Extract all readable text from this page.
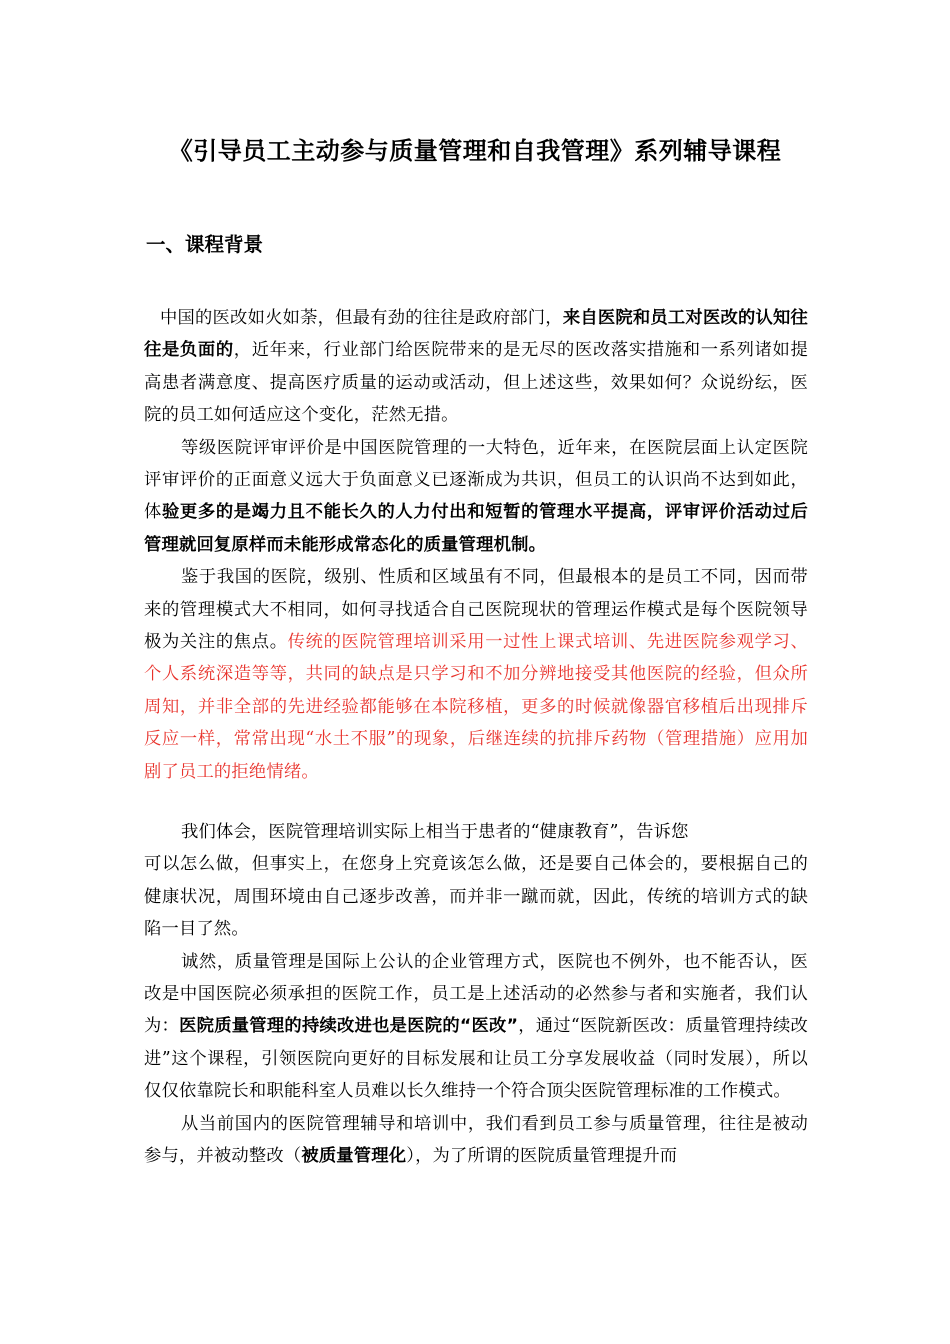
《引导员工主动参与质量管理和自我管理》系列辅导课程
一、课程背景

中国的医改如火如荼，但最有劲的往往是政府部门，来自医院和员工对医改的认知往往是负面的，近年来，行业部门给医院带来的是无尽的医改落实措施和一系列诸如提高患者满意度、提高医疗质量的运动或活动，但上述这些，效果如何？众说纷纭，医院的员工如何适应这个变化，茫然无措。

等级医院评审评价是中国医院管理的一大特色，近年来，在医院层面上认定医院评审评价的正面意义远大于负面意义已逐渐成为共识，但员工的认识尚不达到如此，体验更多的是竭力且不能长久的人力付出和短暂的管理水平提高，评审评价活动过后管理就回复原样而未能形成常态化的质量管理机制。

鉴于我国的医院，级别、性质和区域虽有不同，但最根本的是员工不同，因而带来的管理模式大不相同，如何寻找适合自己医院现状的管理运作模式是每个医院领导极为关注的焦点。传统的医院管理培训采用一过性上课式培训、先进医院参观学习、个人系统深造等等，共同的缺点是只学习和不加分辨地接受其他医院的经验，但众所周知，并非全部的先进经验都能够在本院移植，更多的时候就像器官移植后出现排斥反应一样，常常出现“水土不服”的现象，后继连续的抗排斥药物（管理措施）应用加剧了员工的拒绝情绪。

我们体会，医院管理培训实际上相当于患者的“健康教育”，告诉您

可以怎么做，但事实上，在您身上究竟该怎么做，还是要自己体会的，要根据自己的健康状况，周围环境由自己逐步改善，而并非一蹴而就，因此，传统的培训方式的缺陷一目了然。

诚然，质量管理是国际上公认的企业管理方式，医院也不例外，也不能否认，医改是中国医院必须承担的医院工作，员工是上述活动的必然参与者和实施者，我们认为：医院质量管理的持续改进也是医院的“医改”，通过“医院新医改：质量管理持续改进”这个课程，引领医院向更好的目标发展和让员工分享发展收益（同时发展），所以仅仅依靠院长和职能科室人员难以长久维持一个符合顶尖医院管理标准的工作模式。

从当前国内的医院管理辅导和培训中，我们看到员工参与质量管理，往往是被动参与，并被动整改（被质量管理化），为了所谓的医院质量管理提升而
